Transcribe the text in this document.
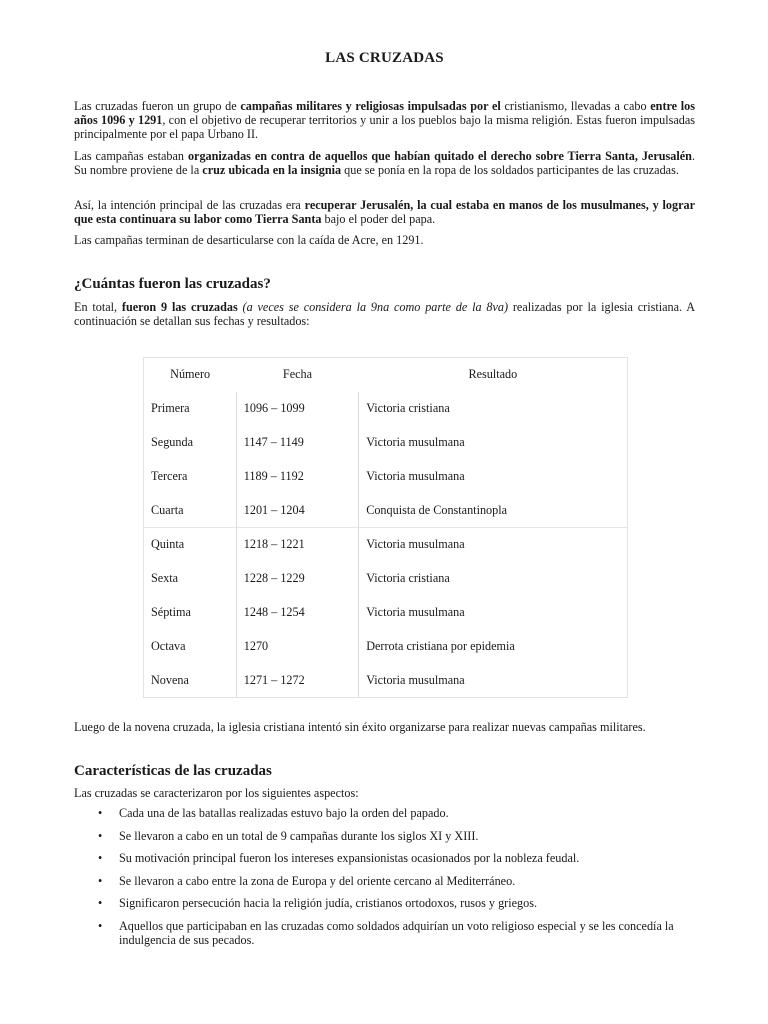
LAS CRUZADAS

Las cruzadas fueron un grupo de campañas militares y religiosas impulsadas por el cristianismo, llevadas a cabo entre los años 1096 y 1291, con el objetivo de recuperar territorios y unir a los pueblos bajo la misma religión. Estas fueron impulsadas principalmente por el papa Urbano II.

Las campañas estaban organizadas en contra de aquellos que habían quitado el derecho sobre Tierra Santa, Jerusalén. Su nombre proviene de la cruz ubicada en la insignia que se ponía en la ropa de los soldados participantes de las cruzadas.

Así, la intención principal de las cruzadas era recuperar Jerusalén, la cual estaba en manos de los musulmanes, y lograr que esta continuara su labor como Tierra Santa bajo el poder del papa.

Las campañas terminan de desarticularse con la caída de Acre, en 1291.

¿Cuántas fueron las cruzadas?

En total, fueron 9 las cruzadas (a veces se considera la 9na como parte de la 8va) realizadas por la iglesia cristiana. A continuación se detallan sus fechas y resultados:

Número	Fecha	Resultado
Primera	1096 – 1099	Victoria cristiana
Segunda	1147 – 1149	Victoria musulmana
Tercera	1189 – 1192	Victoria musulmana
Cuarta	1201 – 1204	Conquista de Constantinopla
Quinta	1218 – 1221	Victoria musulmana
Sexta	1228 – 1229	Victoria cristiana
Séptima	1248 – 1254	Victoria musulmana
Octava	1270	Derrota cristiana por epidemia
Novena	1271 – 1272	Victoria musulmana

Luego de la novena cruzada, la iglesia cristiana intentó sin éxito organizarse para realizar nuevas campañas militares.

Características de las cruzadas

Las cruzadas se caracterizaron por los siguientes aspectos:

• Cada una de las batallas realizadas estuvo bajo la orden del papado.
• Se llevaron a cabo en un total de 9 campañas durante los siglos XI y XIII.
• Su motivación principal fueron los intereses expansionistas ocasionados por la nobleza feudal.
• Se llevaron a cabo entre la zona de Europa y del oriente cercano al Mediterráneo.
• Significaron persecución hacia la religión judía, cristianos ortodoxos, rusos y griegos.
• Aquellos que participaban en las cruzadas como soldados adquirían un voto religioso especial y se les concedía la indulgencia de sus pecados.
